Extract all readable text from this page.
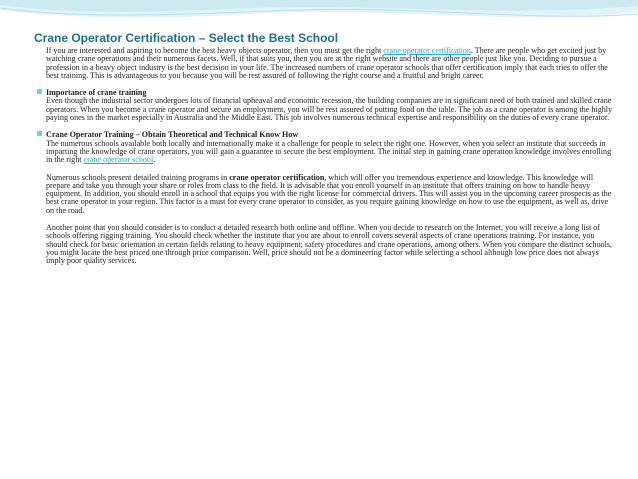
Crane Operator Certification – Select the Best School

If you are interested and aspiring to become the best heavy objects operator, then you must get the right crane operator certification. There are people who get excited just by watching crane operations and their numerous facets. Well, if that suits you, then you are at the right website and there are other people just like you. Deciding to pursue a profession in a heavy object industry is the best decision in your life. The increased numbers of crane operator schools that offer certification imply that each tries to offer the best training. This is advantageous to you because you will be rest assured of following the right course and a fruitful and bright career.

Importance of crane training
Even though the industrial sector undergoes lots of financial upheaval and economic recession, the building companies are in significant need of both trained and skilled crane operators. When you become a crane operator and secure an employment, you will be rest assured of putting food on the table. The job as a crane operator is among the highly paying ones in the market especially in Australia and the Middle East. This job involves numerous technical expertise and responsibility on the duties of every crane operator.

Crane Operator Training – Obtain Theoretical and Technical Know How
The numerous schools available both locally and internationally make it a challenge for people to select the right one. However, when you select an institute that succeeds in imparting the knowledge of crane operators, you will gain a guarantee to secure the best employment. The initial step in gaining crane operation knowledge involves enrolling in the right crane operator school.

Numerous schools present detailed training programs in crane operator certification, which will offer you tremendous experience and knowledge. This knowledge will prepare and take you through your share or roles from class to the field. It is advisable that you enroll yourself in an institute that offers training on how to handle heavy equipment. In addition, you should enroll in a school that equips you with the right license for commercial drivers. This will assist you in the upcoming career prospects as the best crane operator in your region. This factor is a must for every crane operator to consider, as you require gaining knowledge on how to use the equipment, as well as, drive on the road.

Another point that you should consider is to conduct a detailed research both online and offline. When you decide to research on the Internet, you will receive a long list of schools offering rigging training. You should check whether the institute that you are about to enroll covers several aspects of crane operations training. For instance, you should check for basic orientation in certain fields relating to heavy equipment; safety procedures and crane operations, among others. When you compare the distinct schools, you might locate the best priced one through price comparison. Well, price should not be a domineering factor while selecting a school although low price does not always imply poor quality services.
